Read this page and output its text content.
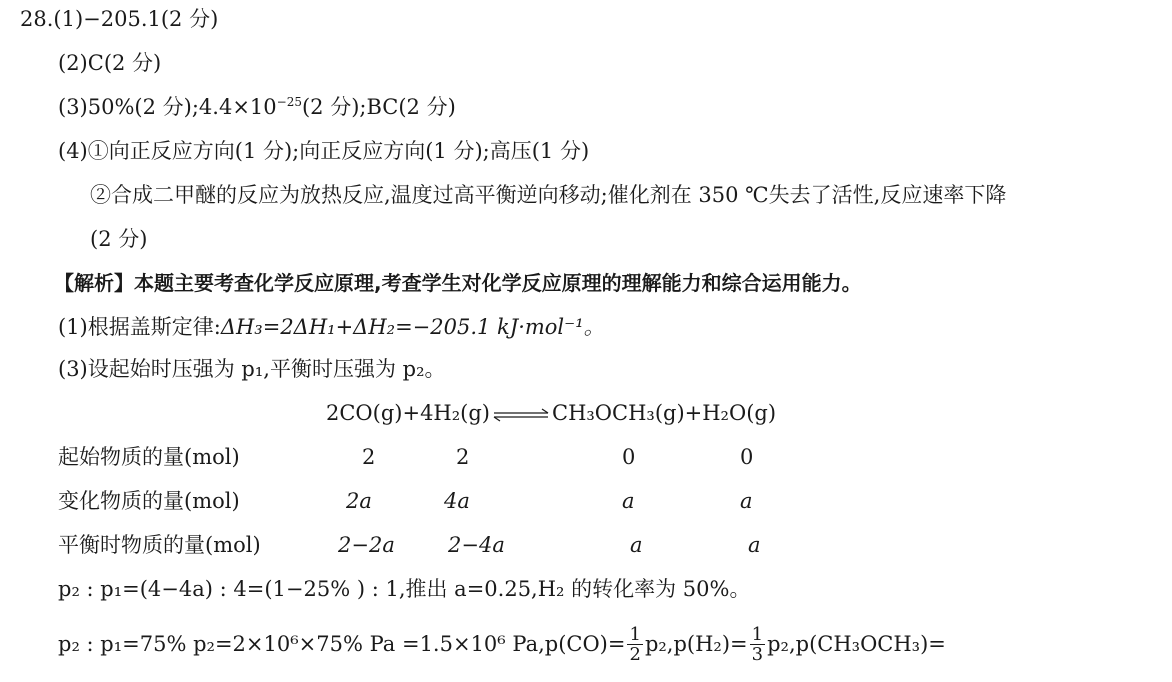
28.(1)−205.1(2 分)
(2)C(2 分)
(3)50%(2 分)$;4.4\times 10^{-25}(2$ 分);BC(2 分)
(4)①向正反应方向(1 分);向正反应方向(1 分);高压(1 分)
②合成二甲醚的反应为放热反应,温度过高平衡逆向移动;催化剂在 350 ℃失去了活性,反应速率下降
(2 分)
【解析】本题主要考查化学反应原理,考查学生对化学反应原理的理解能力和综合运用能力。
(1)根据盖斯定律:ΔH₃=2ΔH₁+ΔH₂=−205.1 kJ·mol⁻¹。
(3)设起始时压强为 p₁,平衡时压强为 p₂。
2CO(g)+4H₂(g) ⇌ CH₃OCH₃(g)+H₂O(g)
起始物质的量(mol)	2	2	0	0
变化物质的量(mol)	2a	4a	a	a
平衡时物质的量(mol)	2−2a	2−4a	a	a
p₂ : p₁=(4−4a) : 4=(1−25% ) : 1,推出 a=0.25,H₂ 的转化率为 50%。
p₂ : p₁=75% p₂=2×10⁶×75% Pa =1.5×10⁶ $Pa,p(CO)= \frac{1}{2} p_2,p(H_2)= \frac{1}{3} p_2,p(CH_3OCH_3)=$
